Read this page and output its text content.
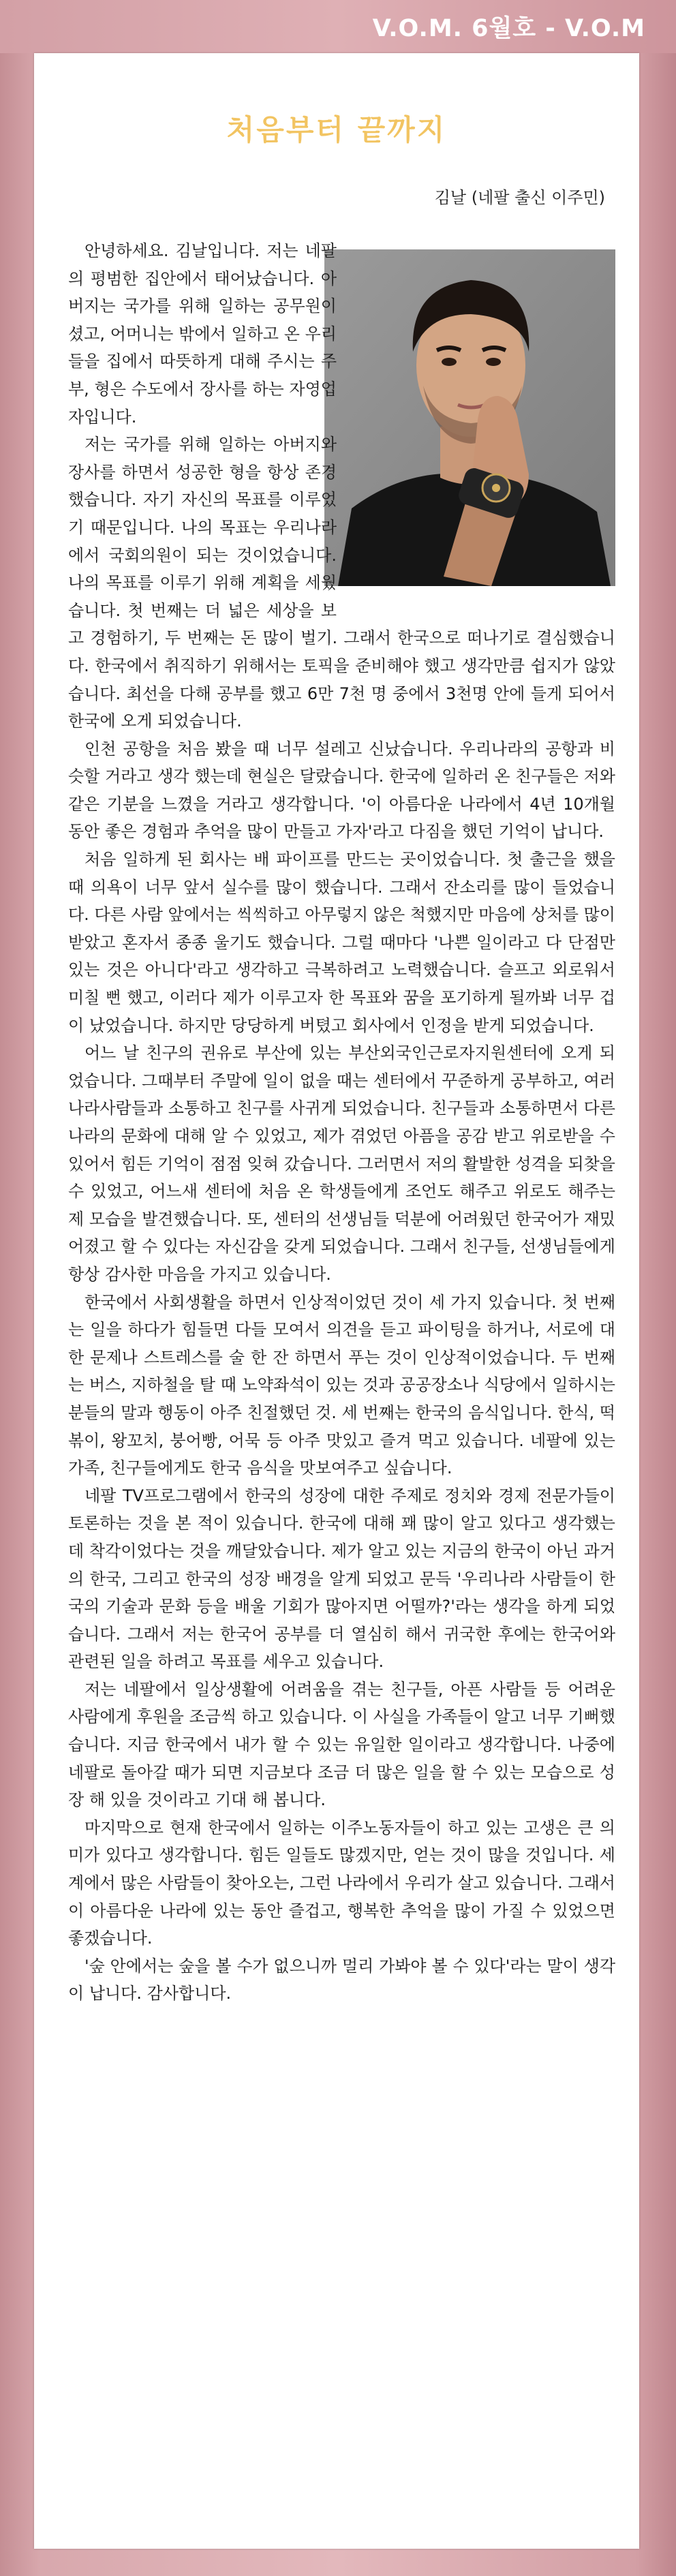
V.O.M. 6월호 - V.O.M
처음부터 끝까지

김날 (네팔 출신 이주민)

안녕하세요. 김날입니다. 저는 네팔의 평범한 집안에서 태어났습니다. 아버지는 국가를 위해 일하는 공무원이셨고, 어머니는 밖에서 일하고 온 우리들을 집에서 따뜻하게 대해 주시는 주부, 형은 수도에서 장사를 하는 자영업자입니다.

저는 국가를 위해 일하는 아버지와 장사를 하면서 성공한 형을 항상 존경했습니다. 자기 자신의 목표를 이루었기 때문입니다. 나의 목표는 우리나라에서 국회의원이 되는 것이었습니다. 나의 목표를 이루기 위해 계획을 세웠습니다. 첫 번째는 더 넓은 세상을 보고 경험하기, 두 번째는 돈 많이 벌기. 그래서 한국으로 떠나기로 결심했습니다. 한국에서 취직하기 위해서는 토픽을 준비해야 했고 생각만큼 쉽지가 않았습니다. 최선을 다해 공부를 했고 6만 7천 명 중에서 3천명 안에 들게 되어서 한국에 오게 되었습니다.

인천 공항을 처음 봤을 때 너무 설레고 신났습니다. 우리나라의 공항과 비슷할 거라고 생각 했는데 현실은 달랐습니다. 한국에 일하러 온 친구들은 저와 같은 기분을 느꼈을 거라고 생각합니다. '이 아름다운 나라에서 4년 10개월 동안 좋은 경험과 추억을 많이 만들고 가자'라고 다짐을 했던 기억이 납니다.

처음 일하게 된 회사는 배 파이프를 만드는 곳이었습니다. 첫 출근을 했을 때 의욕이 너무 앞서 실수를 많이 했습니다. 그래서 잔소리를 많이 들었습니다. 다른 사람 앞에서는 씩씩하고 아무렇지 않은 척했지만 마음에 상처를 많이 받았고 혼자서 종종 울기도 했습니다. 그럴 때마다 '나쁜 일이라고 다 단점만 있는 것은 아니다'라고 생각하고 극복하려고 노력했습니다. 슬프고 외로워서 미칠 뻔 했고, 이러다 제가 이루고자 한 목표와 꿈을 포기하게 될까봐 너무 겁이 났었습니다. 하지만 당당하게 버텼고 회사에서 인정을 받게 되었습니다.

어느 날 친구의 권유로 부산에 있는 부산외국인근로자지원센터에 오게 되었습니다. 그때부터 주말에 일이 없을 때는 센터에서 꾸준하게 공부하고, 여러 나라사람들과 소통하고 친구를 사귀게 되었습니다. 친구들과 소통하면서 다른 나라의 문화에 대해 알 수 있었고, 제가 겪었던 아픔을 공감 받고 위로받을 수 있어서 힘든 기억이 점점 잊혀 갔습니다. 그러면서 저의 활발한 성격을 되찾을 수 있었고, 어느새 센터에 처음 온 학생들에게 조언도 해주고 위로도 해주는 제 모습을 발견했습니다. 또, 센터의 선생님들 덕분에 어려웠던 한국어가 재밌어졌고 할 수 있다는 자신감을 갖게 되었습니다. 그래서 친구들, 선생님들에게 항상 감사한 마음을 가지고 있습니다.

한국에서 사회생활을 하면서 인상적이었던 것이 세 가지 있습니다. 첫 번째는 일을 하다가 힘들면 다들 모여서 의견을 듣고 파이팅을 하거나, 서로에 대한 문제나 스트레스를 술 한 잔 하면서 푸는 것이 인상적이었습니다. 두 번째는 버스, 지하철을 탈 때 노약좌석이 있는 것과 공공장소나 식당에서 일하시는 분들의 말과 행동이 아주 친절했던 것. 세 번째는 한국의 음식입니다. 한식, 떡볶이, 왕꼬치, 붕어빵, 어묵 등 아주 맛있고 즐겨 먹고 있습니다. 네팔에 있는 가족, 친구들에게도 한국 음식을 맛보여주고 싶습니다.

네팔 TV프로그램에서 한국의 성장에 대한 주제로 정치와 경제 전문가들이 토론하는 것을 본 적이 있습니다. 한국에 대해 꽤 많이 알고 있다고 생각했는데 착각이었다는 것을 깨달았습니다. 제가 알고 있는 지금의 한국이 아닌 과거의 한국, 그리고 한국의 성장 배경을 알게 되었고 문득 '우리나라 사람들이 한국의 기술과 문화 등을 배울 기회가 많아지면 어떨까?'라는 생각을 하게 되었습니다. 그래서 저는 한국어 공부를 더 열심히 해서 귀국한 후에는 한국어와 관련된 일을 하려고 목표를 세우고 있습니다.

저는 네팔에서 일상생활에 어려움을 겪는 친구들, 아픈 사람들 등 어려운 사람에게 후원을 조금씩 하고 있습니다. 이 사실을 가족들이 알고 너무 기뻐했습니다. 지금 한국에서 내가 할 수 있는 유일한 일이라고 생각합니다. 나중에 네팔로 돌아갈 때가 되면 지금보다 조금 더 많은 일을 할 수 있는 모습으로 성장 해 있을 것이라고 기대 해 봅니다.

마지막으로 현재 한국에서 일하는 이주노동자들이 하고 있는 고생은 큰 의미가 있다고 생각합니다. 힘든 일들도 많겠지만, 얻는 것이 많을 것입니다. 세계에서 많은 사람들이 찾아오는, 그런 나라에서 우리가 살고 있습니다. 그래서 이 아름다운 나라에 있는 동안 즐겁고, 행복한 추억을 많이 가질 수 있었으면 좋겠습니다.

'숲 안에서는 숲을 볼 수가 없으니까 멀리 가봐야 볼 수 있다'라는 말이 생각이 납니다. 감사합니다.
